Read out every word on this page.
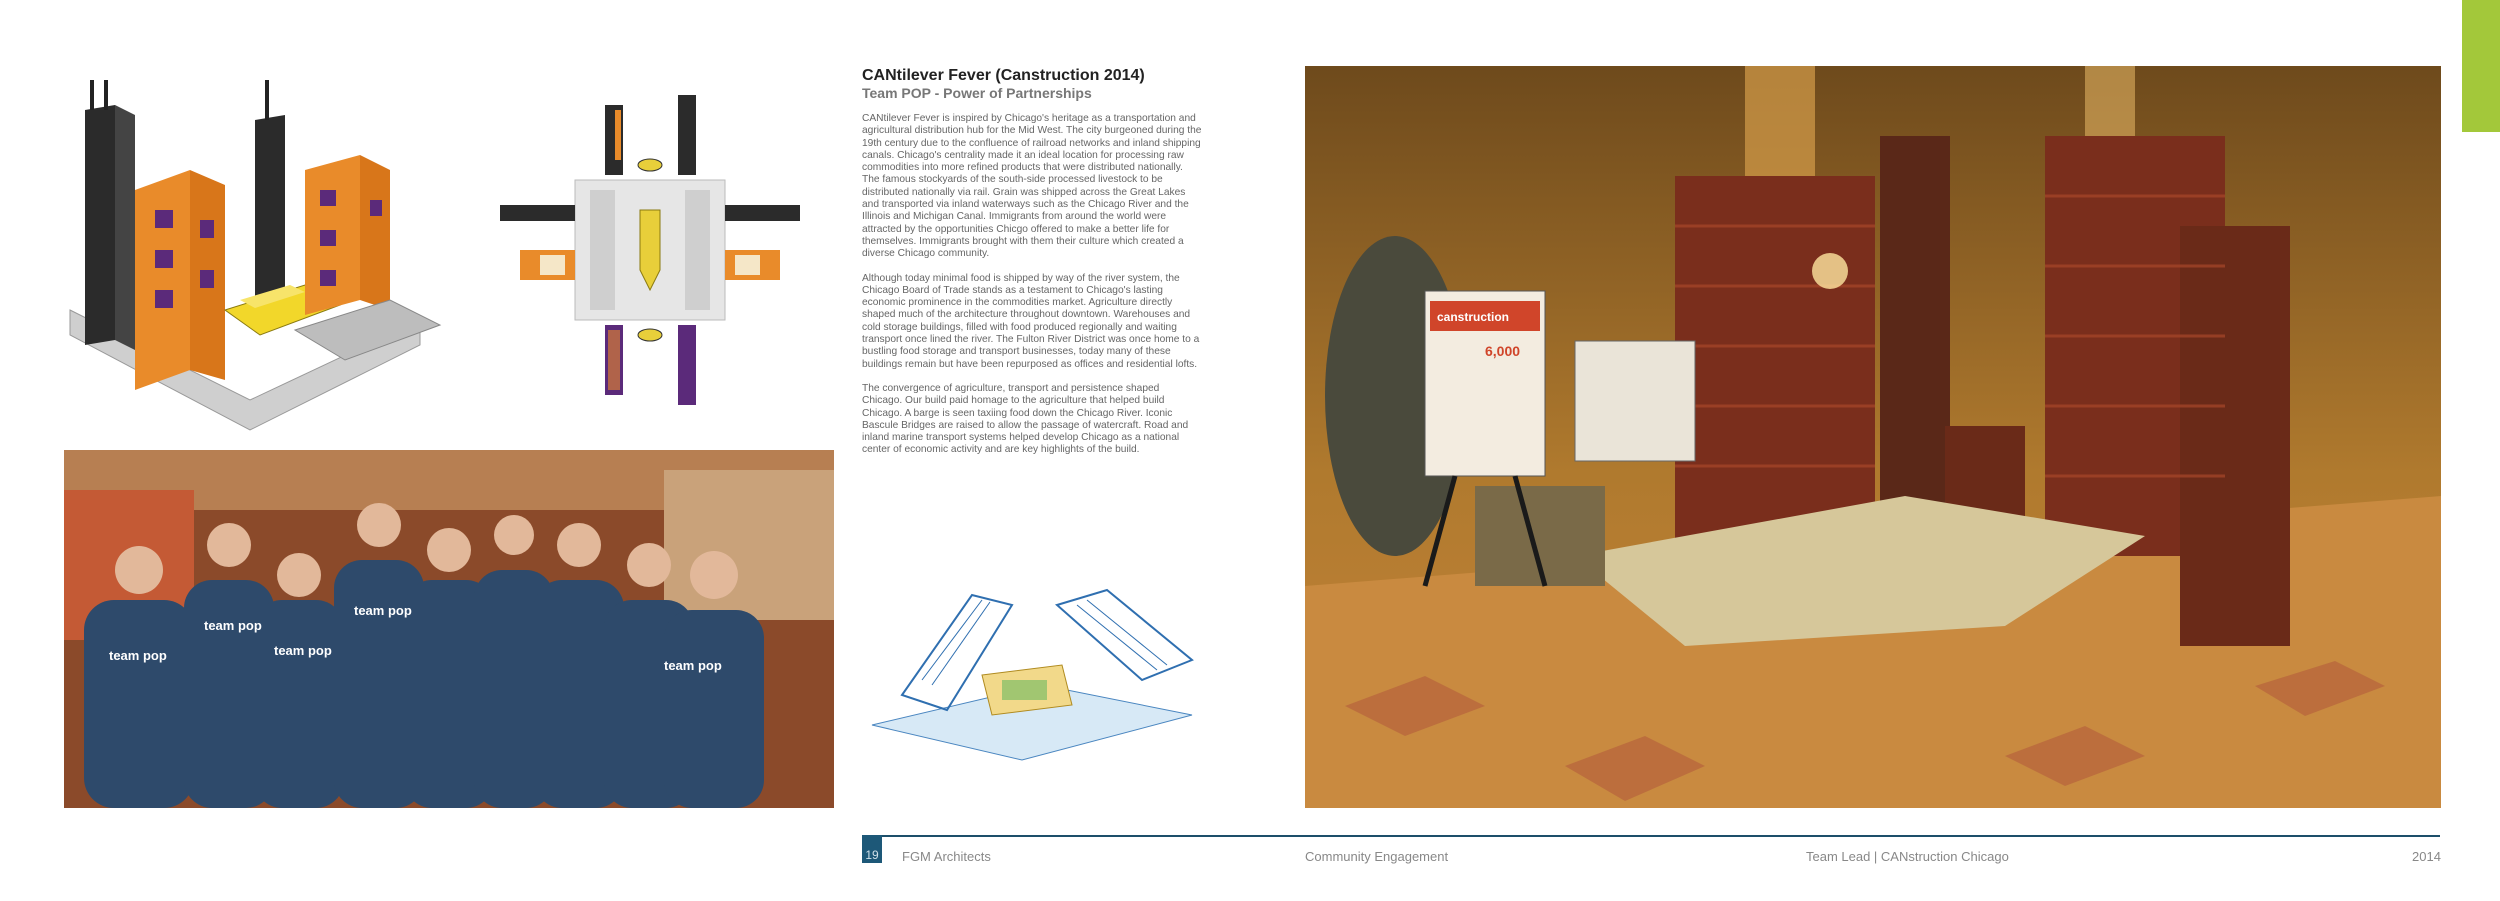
team pop
team pop
team pop
team pop
team pop
CANtilever Fever (Canstruction 2014)
Team POP - Power of Partnerships

CANtilever Fever is inspired by Chicago's heritage as a transportation and agricultural distribution hub for the Mid West. The city burgeoned during the 19th century due to the confluence of railroad networks and inland shipping canals. Chicago's centrality made it an ideal location for processing raw commodities into more refined products that were distributed nationally. The famous stockyards of the south-side processed livestock to be distributed nationally via rail. Grain was shipped across the Great Lakes and transported via inland waterways such as the Chicago River and the Illinois and Michigan Canal. Immigrants from around the world were attracted by the opportunities Chicgo offered to make a better life for themselves. Immigrants brought with them their culture which created a diverse Chicago community.

Although today minimal food is shipped by way of the river system, the Chicago Board of Trade stands as a testament to Chicago's lasting economic prominence in the commodities market. Agriculture directly shaped much of the architecture throughout downtown. Warehouses and cold storage buildings, filled with food produced regionally and waiting transport once lined the river. The Fulton River District was once home to a bustling food storage and transport businesses, today many of these buildings remain but have been repurposed as offices and residential lofts.

The convergence of agriculture, transport and persistence shaped Chicago. Our build paid homage to the agriculture that helped build Chicago. A barge is seen taxiing food down the Chicago River. Iconic Bascule Bridges are raised to allow the passage of watercraft. Road and inland marine transport systems helped develop Chicago as a national center of economic activity and are key highlights of the build.

canstruction
6,000
19 FGM Architects	Community Engagement	Team Lead | CANstruction Chicago	2014
